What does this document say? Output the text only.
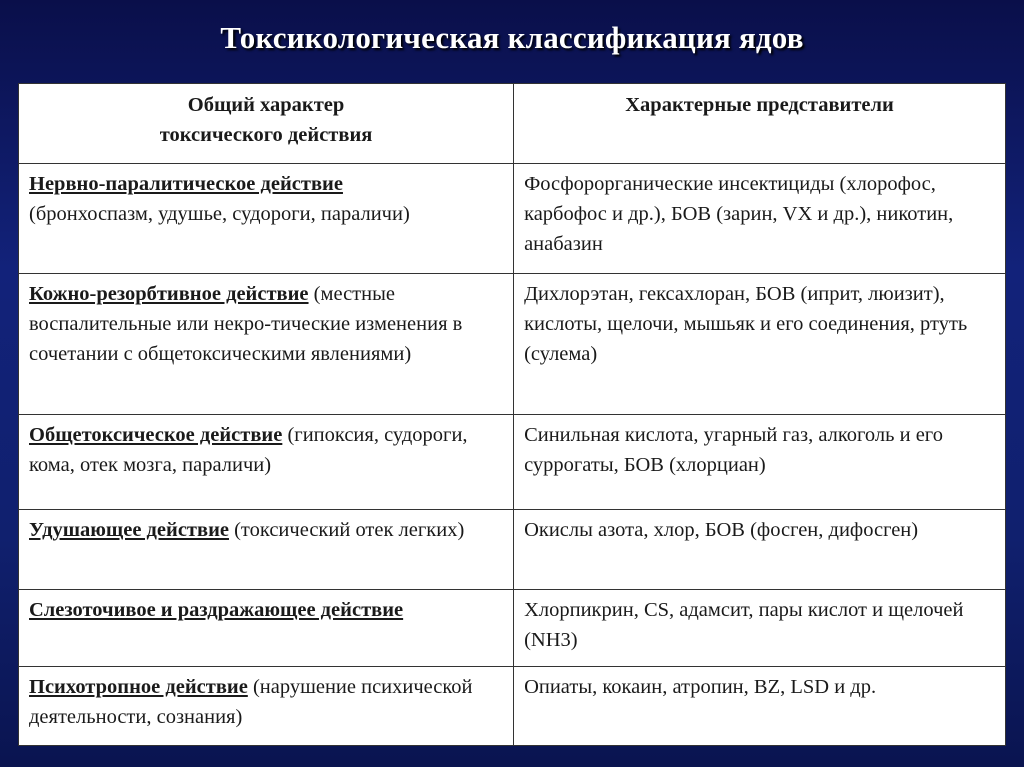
Токсикологическая классификация ядов
Общий характер
токсического действия	Характерные представители
Нервно-паралитическое действие
(бронхоспазм, удушье, судороги, параличи)	Фосфорорганические инсектициды (хлорофос, карбофос и др.), БОВ (зарин, VX и др.), никотин, анабазин
Кожно-резорбтивное действие (местные воспалительные или некро-тические изменения в сочетании с общетоксическими явлениями)	Дихлорэтан, гексахлоран, БОВ (иприт, люизит), кислоты, щелочи, мышьяк и его соединения, ртуть (сулема)
Общетоксическое действие (гипоксия, судороги, кома, отек мозга, параличи)	Синильная кислота, угарный газ, алкоголь и его суррогаты, БОВ (хлорциан)
Удушающее действие (токсический отек легких)	Окислы азота, хлор, БОВ (фосген, дифосген)
Слезоточивое и раздражающее действие	Хлорпикрин, CS, адамсит, пары кислот и щелочей (NH3)
Психотропное действие (нарушение психической деятельности, сознания)	Опиаты, кокаин, атропин, BZ, LSD и др.
